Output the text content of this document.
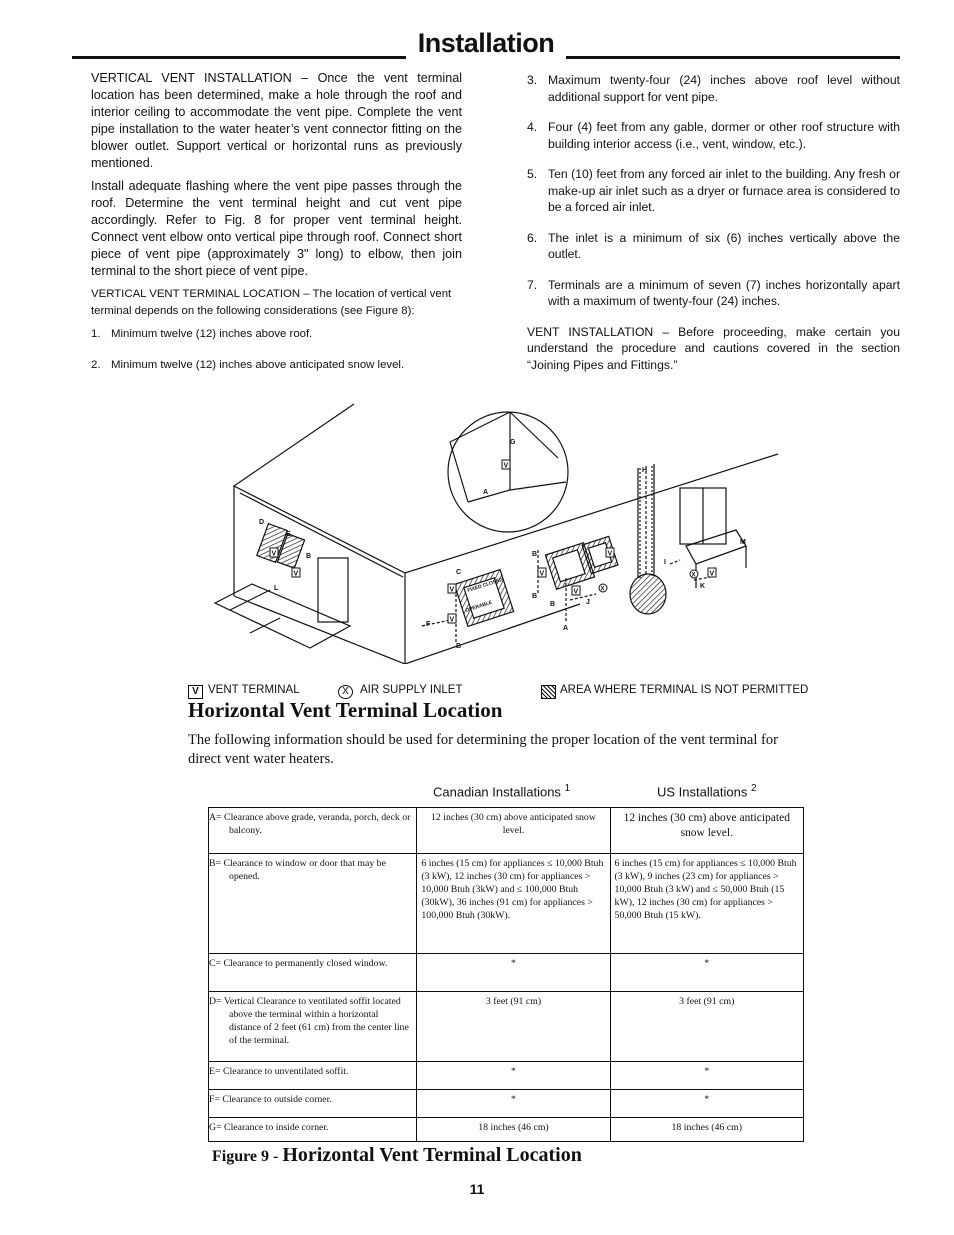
Installation

VERTICAL VENT INSTALLATION – Once the vent terminal location has been determined, make a hole through the roof and interior ceiling to accommodate the vent pipe. Complete the vent pipe installation to the water heater’s vent connector fitting on the blower outlet. Support vertical or horizontal runs as previously mentioned.

Install adequate flashing where the vent pipe passes through the roof. Determine the vent terminal height and cut vent pipe accordingly. Refer to Fig. 8 for proper vent terminal height. Connect vent elbow onto vertical pipe through roof. Connect short piece of vent pipe (approximately 3" long) to elbow, then join terminal to the short piece of vent pipe.

VERTICAL VENT TERMINAL LOCATION – The location of vertical vent terminal depends on the following considerations (see Figure 8):

1. Minimum twelve (12) inches above roof.
2. Minimum twelve (12) inches above anticipated snow level.
3. Maximum twenty-four (24) inches above roof level without additional support for vent pipe.
4. Four (4) feet from any gable, dormer or other roof structure with building interior access (i.e., vent, window, etc.).
5. Ten (10) feet from any forced air inlet to the building. Any fresh or make-up air inlet such as a dryer or furnace area is considered to be a forced air inlet.
6. The inlet is a minimum of six (6) inches vertically above the outlet.
7. Terminals are a minimum of seven (7) inches horizontally apart with a maximum of twenty-four (24) inches.

VENT INSTALLATION – Before proceeding, make certain you understand the procedure and cautions covered in the section “Joining Pipes and Fittings.”

V
V
V
V
V
V
V
V
V
X
X
FIXED CLOSED
OPERABLE
A
G
D
E
B
L
C
F
B
B
B
A
B	J
H
I
K
M
V VENT TERMINAL	X AIR SUPPLY INLET	AREA WHERE TERMINAL IS NOT PERMITTED
Horizontal Vent Terminal Location

The following information should be used for determining the proper location of the vent terminal for direct vent water heaters.

Canadian Installations $^1$	US Installations $^2$
A= Clearance above grade, veranda, porch, deck or balcony.	12 inches (30 cm) above anticipated snow level.	12 inches (30 cm) above anticipated snow level.
B= Clearance to window or door that may be opened.	6 inches (15 cm) for appliances ≤ 10,000 Btuh (3 kW), 12 inches (30 cm) for appliances > 10,000 Btuh (3kW) and ≤ 100,000 Btuh (30kW), 36 inches (91 cm) for appliances > 100,000 Btuh (30kW).	6 inches (15 cm) for appliances ≤ 10,000 Btuh (3 kW), 9 inches (23 cm) for appliances > 10,000 Btuh (3 kW) and ≤ 50,000 Btuh (15 kW), 12 inches (30 cm) for appliances > 50,000 Btuh (15 kW).
C= Clearance to permanently closed window.	*	*
D= Vertical Clearance to ventilated soffit located above the terminal within a horizontal distance of 2 feet (61 cm) from the center line of the terminal.	3 feet (91 cm)	3 feet (91 cm)
E= Clearance to unventilated soffit.	*	*
F= Clearance to outside corner.	*	*
G= Clearance to inside corner.	18 inches (46 cm)	18 inches (46 cm)
Figure 9 - Horizontal Vent Terminal Location
11
